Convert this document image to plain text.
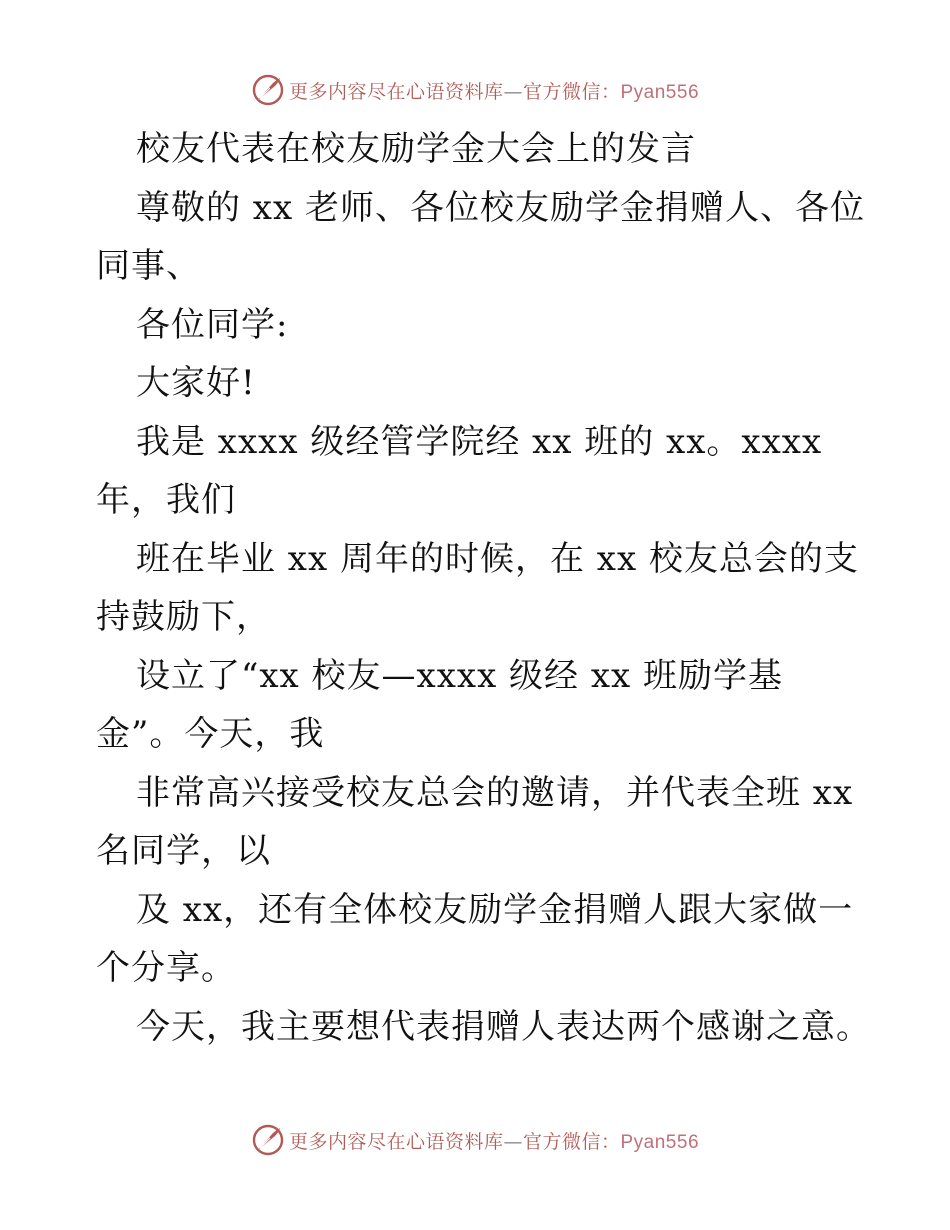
更多内容尽在心语资料库—官方微信：Pyan556
校友代表在校友励学金大会上的发言
尊敬的 xx 老师、各位校友励学金捐赠人、各位
同事、
各位同学:
大家好!
我是 xxxx 级经管学院经 xx 班的 xx。xxxx
年，我们
班在毕业 xx 周年的时候，在 xx 校友总会的支
持鼓励下，
设立了“xx 校友—xxxx 级经 xx 班励学基
金”。今天，我
非常高兴接受校友总会的邀请，并代表全班 xx
名同学，以
及 xx，还有全体校友励学金捐赠人跟大家做一
个分享。
今天，我主要想代表捐赠人表达两个感谢之意。
更多内容尽在心语资料库—官方微信：Pyan556
